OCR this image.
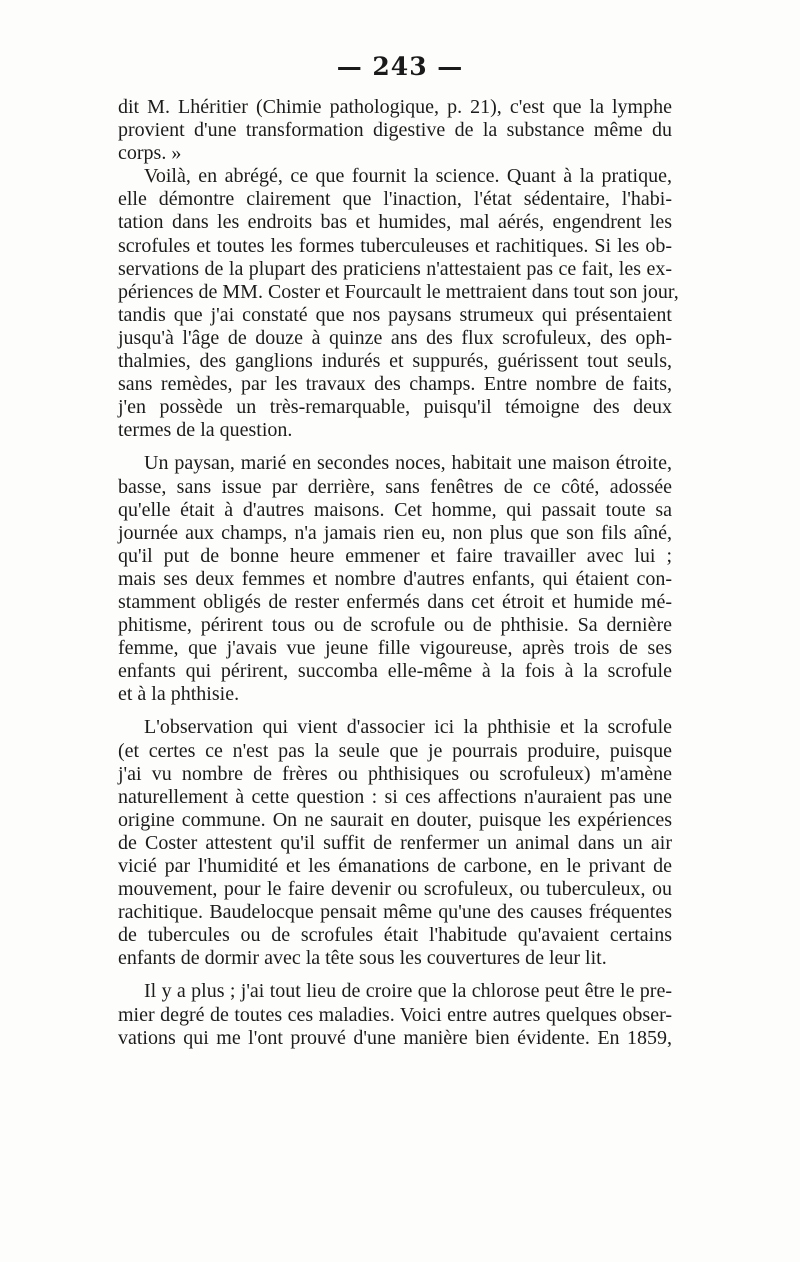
— 243 —
dit M. Lhéritier (Chimie pathologique, p. 21), c'est que la lymphe
provient d'une transformation digestive de la substance même du
corps. »
Voilà, en abrégé, ce que fournit la science. Quant à la pratique,
elle démontre clairement que l'inaction, l'état sédentaire, l'habi-
tation dans les endroits bas et humides, mal aérés, engendrent les
scrofules et toutes les formes tuberculeuses et rachitiques. Si les ob-
servations de la plupart des praticiens n'attestaient pas ce fait, les ex-
périences de MM. Coster et Fourcault le mettraient dans tout son jour,
tandis que j'ai constaté que nos paysans strumeux qui présentaient
jusqu'à l'âge de douze à quinze ans des flux scrofuleux, des oph-
thalmies, des ganglions indurés et suppurés, guérissent tout seuls,
sans remèdes, par les travaux des champs. Entre nombre de faits,
j'en possède un très-remarquable, puisqu'il témoigne des deux
termes de la question.
Un paysan, marié en secondes noces, habitait une maison étroite,
basse, sans issue par derrière, sans fenêtres de ce côté, adossée
qu'elle était à d'autres maisons. Cet homme, qui passait toute sa
journée aux champs, n'a jamais rien eu, non plus que son fils aîné,
qu'il put de bonne heure emmener et faire travailler avec lui ;
mais ses deux femmes et nombre d'autres enfants, qui étaient con-
stamment obligés de rester enfermés dans cet étroit et humide mé-
phitisme, périrent tous ou de scrofule ou de phthisie. Sa dernière
femme, que j'avais vue jeune fille vigoureuse, après trois de ses
enfants qui périrent, succomba elle-même à la fois à la scrofule
et à la phthisie.
L'observation qui vient d'associer ici la phthisie et la scrofule
(et certes ce n'est pas la seule que je pourrais produire, puisque
j'ai vu nombre de frères ou phthisiques ou scrofuleux) m'amène
naturellement à cette question : si ces affections n'auraient pas une
origine commune. On ne saurait en douter, puisque les expériences
de Coster attestent qu'il suffit de renfermer un animal dans un air
vicié par l'humidité et les émanations de carbone, en le privant de
mouvement, pour le faire devenir ou scrofuleux, ou tuberculeux, ou
rachitique. Baudelocque pensait même qu'une des causes fréquentes
de tubercules ou de scrofules était l'habitude qu'avaient certains
enfants de dormir avec la tête sous les couvertures de leur lit.
Il y a plus ; j'ai tout lieu de croire que la chlorose peut être le pre-
mier degré de toutes ces maladies. Voici entre autres quelques obser-
vations qui me l'ont prouvé d'une manière bien évidente. En 1859,
